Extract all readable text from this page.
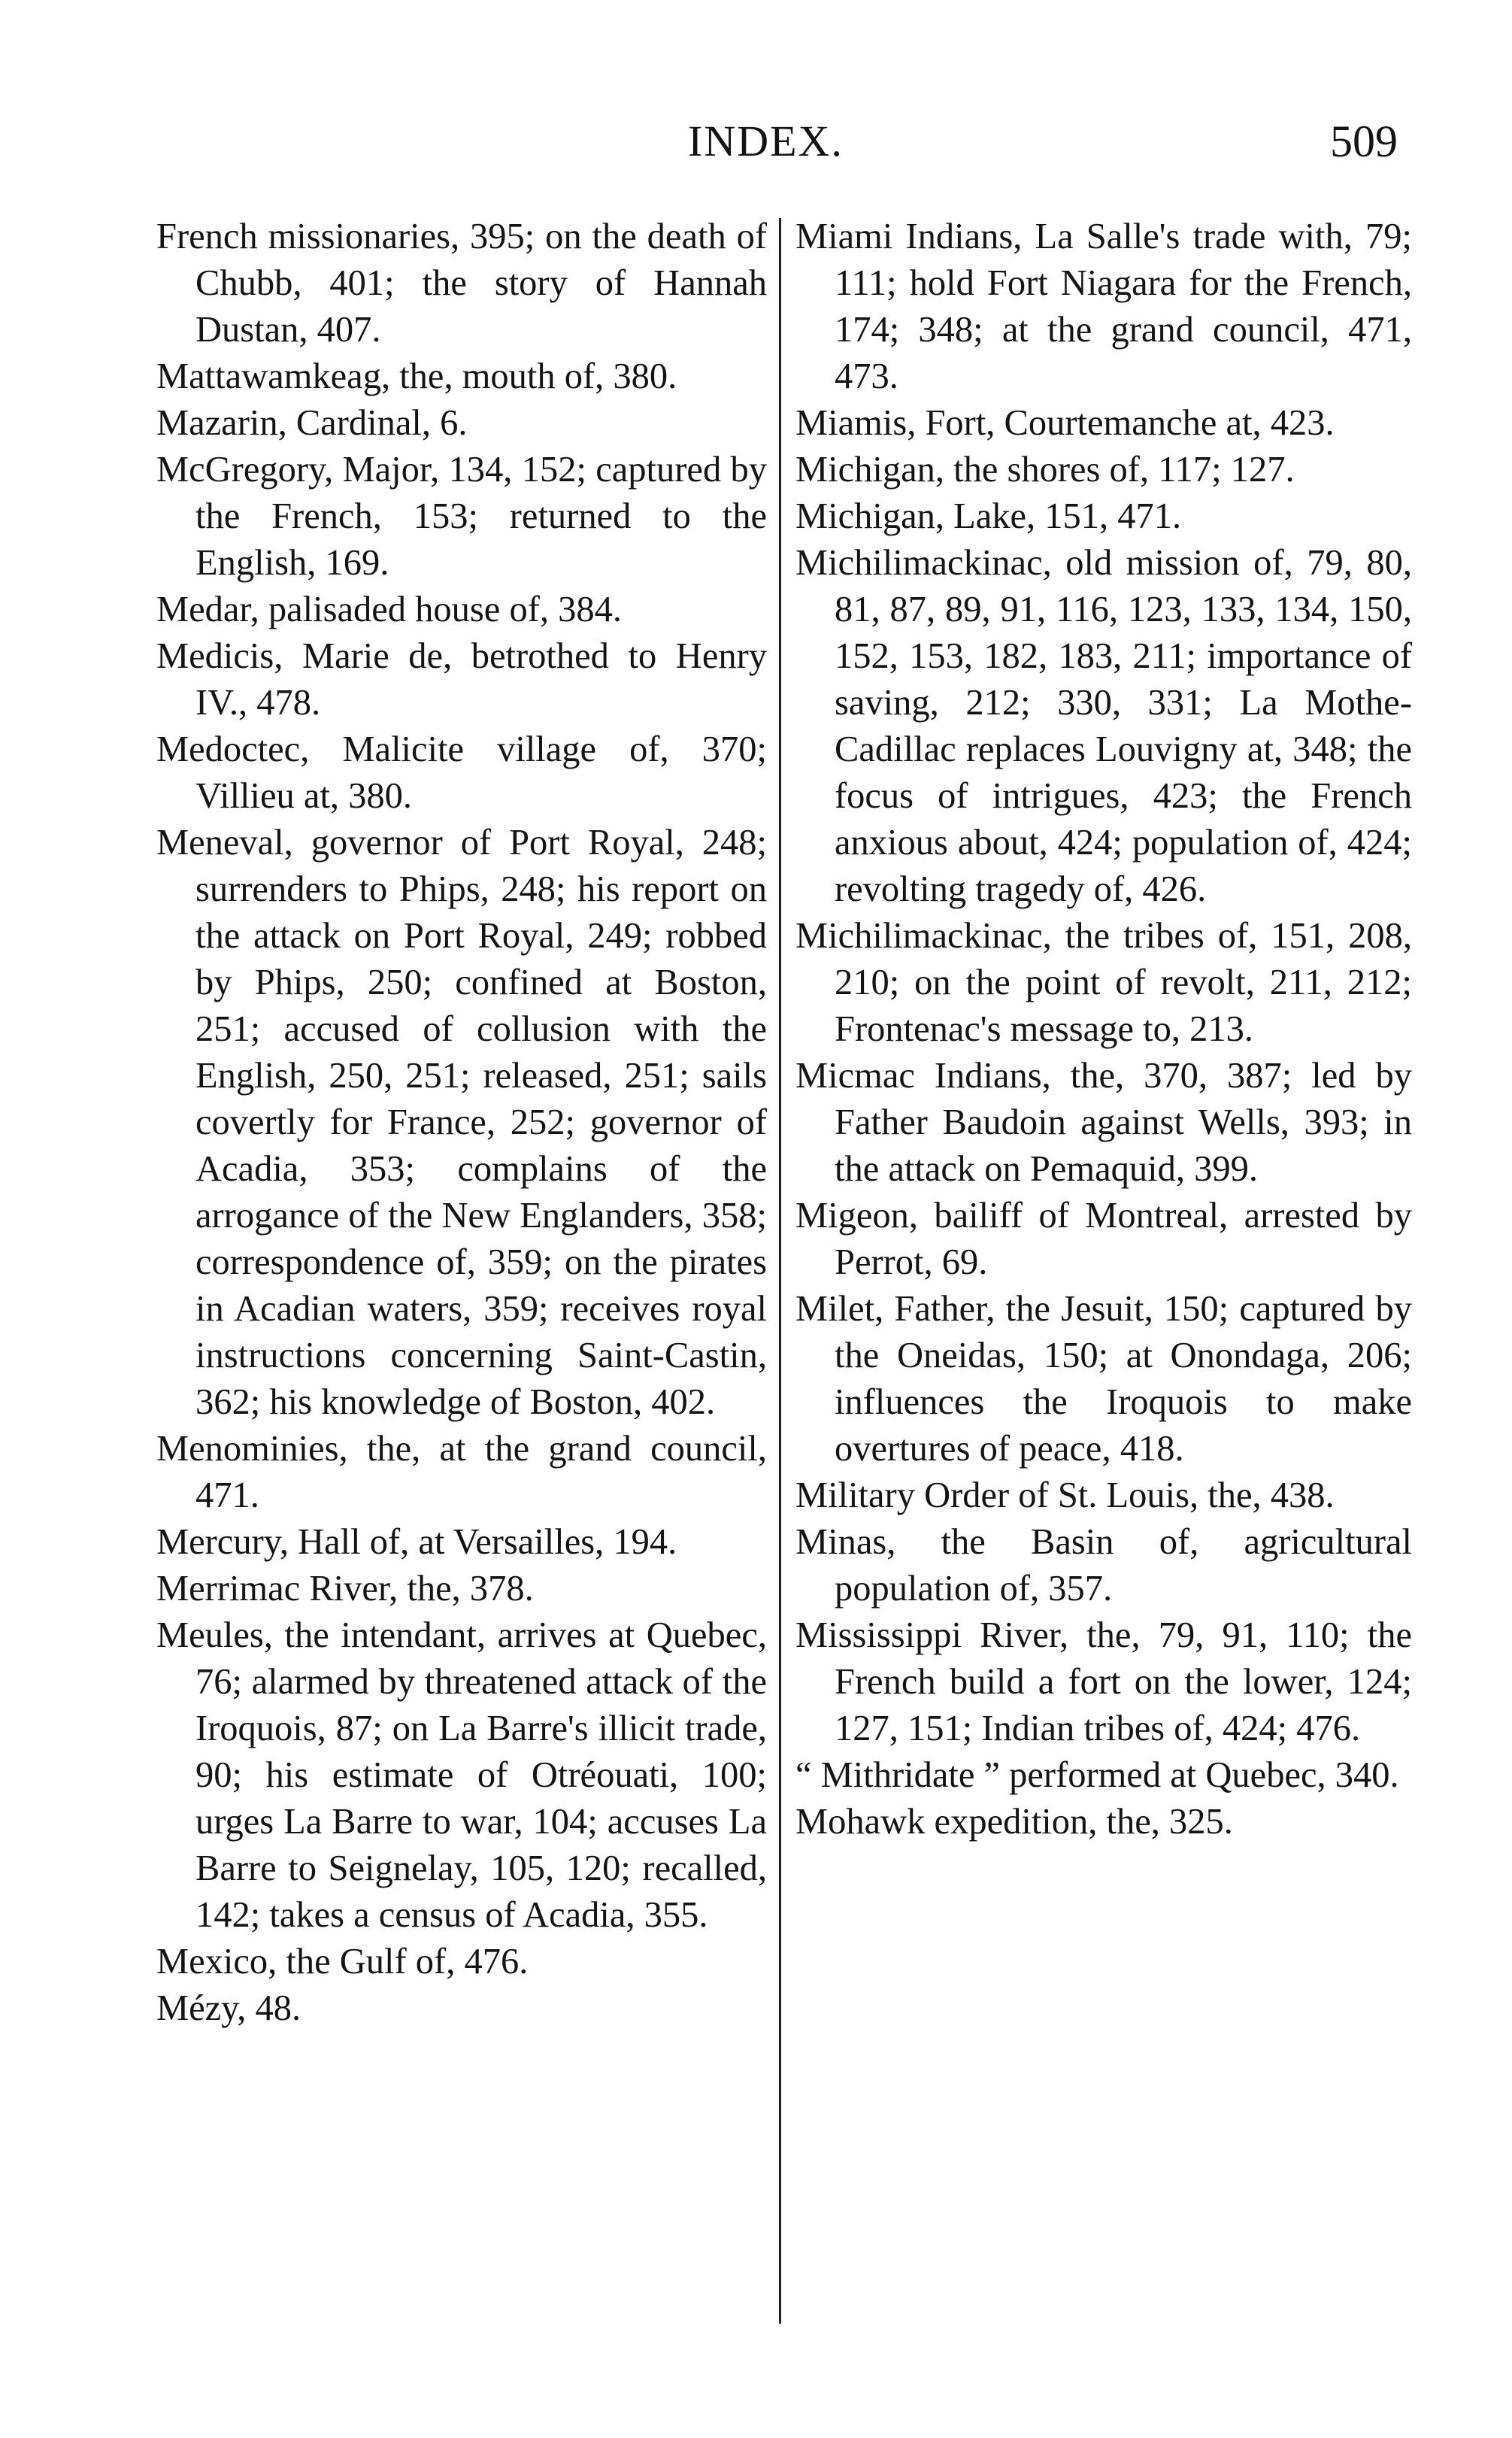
INDEX.	509

French missionaries, 395; on the death of Chubb, 401; the story of Hannah Dustan, 407.

Mattawamkeag, the, mouth of, 380.

Mazarin, Cardinal, 6.

McGregory, Major, 134, 152; captured by the French, 153; returned to the English, 169.

Medar, palisaded house of, 384.

Medicis, Marie de, betrothed to Henry IV., 478.

Medoctec, Malicite village of, 370; Villieu at, 380.

Meneval, governor of Port Royal, 248; surrenders to Phips, 248; his report on the attack on Port Royal, 249; robbed by Phips, 250; confined at Boston, 251; accused of collusion with the English, 250, 251; released, 251; sails covertly for France, 252; governor of Acadia, 353; complains of the arrogance of the New Englanders, 358; correspondence of, 359; on the pirates in Acadian waters, 359; receives royal instructions concerning Saint-Castin, 362; his knowledge of Boston, 402.

Menominies, the, at the grand council, 471.

Mercury, Hall of, at Versailles, 194.

Merrimac River, the, 378.

Meules, the intendant, arrives at Quebec, 76; alarmed by threatened attack of the Iroquois, 87; on La Barre's illicit trade, 90; his estimate of Otréouati, 100; urges La Barre to war, 104; accuses La Barre to Seignelay, 105, 120; recalled, 142; takes a census of Acadia, 355.

Mexico, the Gulf of, 476.

Mézy, 48.

Miami Indians, La Salle's trade with, 79; 111; hold Fort Niagara for the French, 174; 348; at the grand council, 471, 473.

Miamis, Fort, Courtemanche at, 423.

Michigan, the shores of, 117; 127.

Michigan, Lake, 151, 471.

Michilimackinac, old mission of, 79, 80, 81, 87, 89, 91, 116, 123, 133, 134, 150, 152, 153, 182, 183, 211; importance of saving, 212; 330, 331; La Mothe-Cadillac replaces Louvigny at, 348; the focus of intrigues, 423; the French anxious about, 424; population of, 424; revolting tragedy of, 426.

Michilimackinac, the tribes of, 151, 208, 210; on the point of revolt, 211, 212; Frontenac's message to, 213.

Micmac Indians, the, 370, 387; led by Father Baudoin against Wells, 393; in the attack on Pemaquid, 399.

Migeon, bailiff of Montreal, arrested by Perrot, 69.

Milet, Father, the Jesuit, 150; captured by the Oneidas, 150; at Onondaga, 206; influences the Iroquois to make overtures of peace, 418.

Military Order of St. Louis, the, 438.

Minas, the Basin of, agricultural population of, 357.

Mississippi River, the, 79, 91, 110; the French build a fort on the lower, 124; 127, 151; Indian tribes of, 424; 476.

“ Mithridate ” performed at Quebec, 340.

Mohawk expedition, the, 325.
